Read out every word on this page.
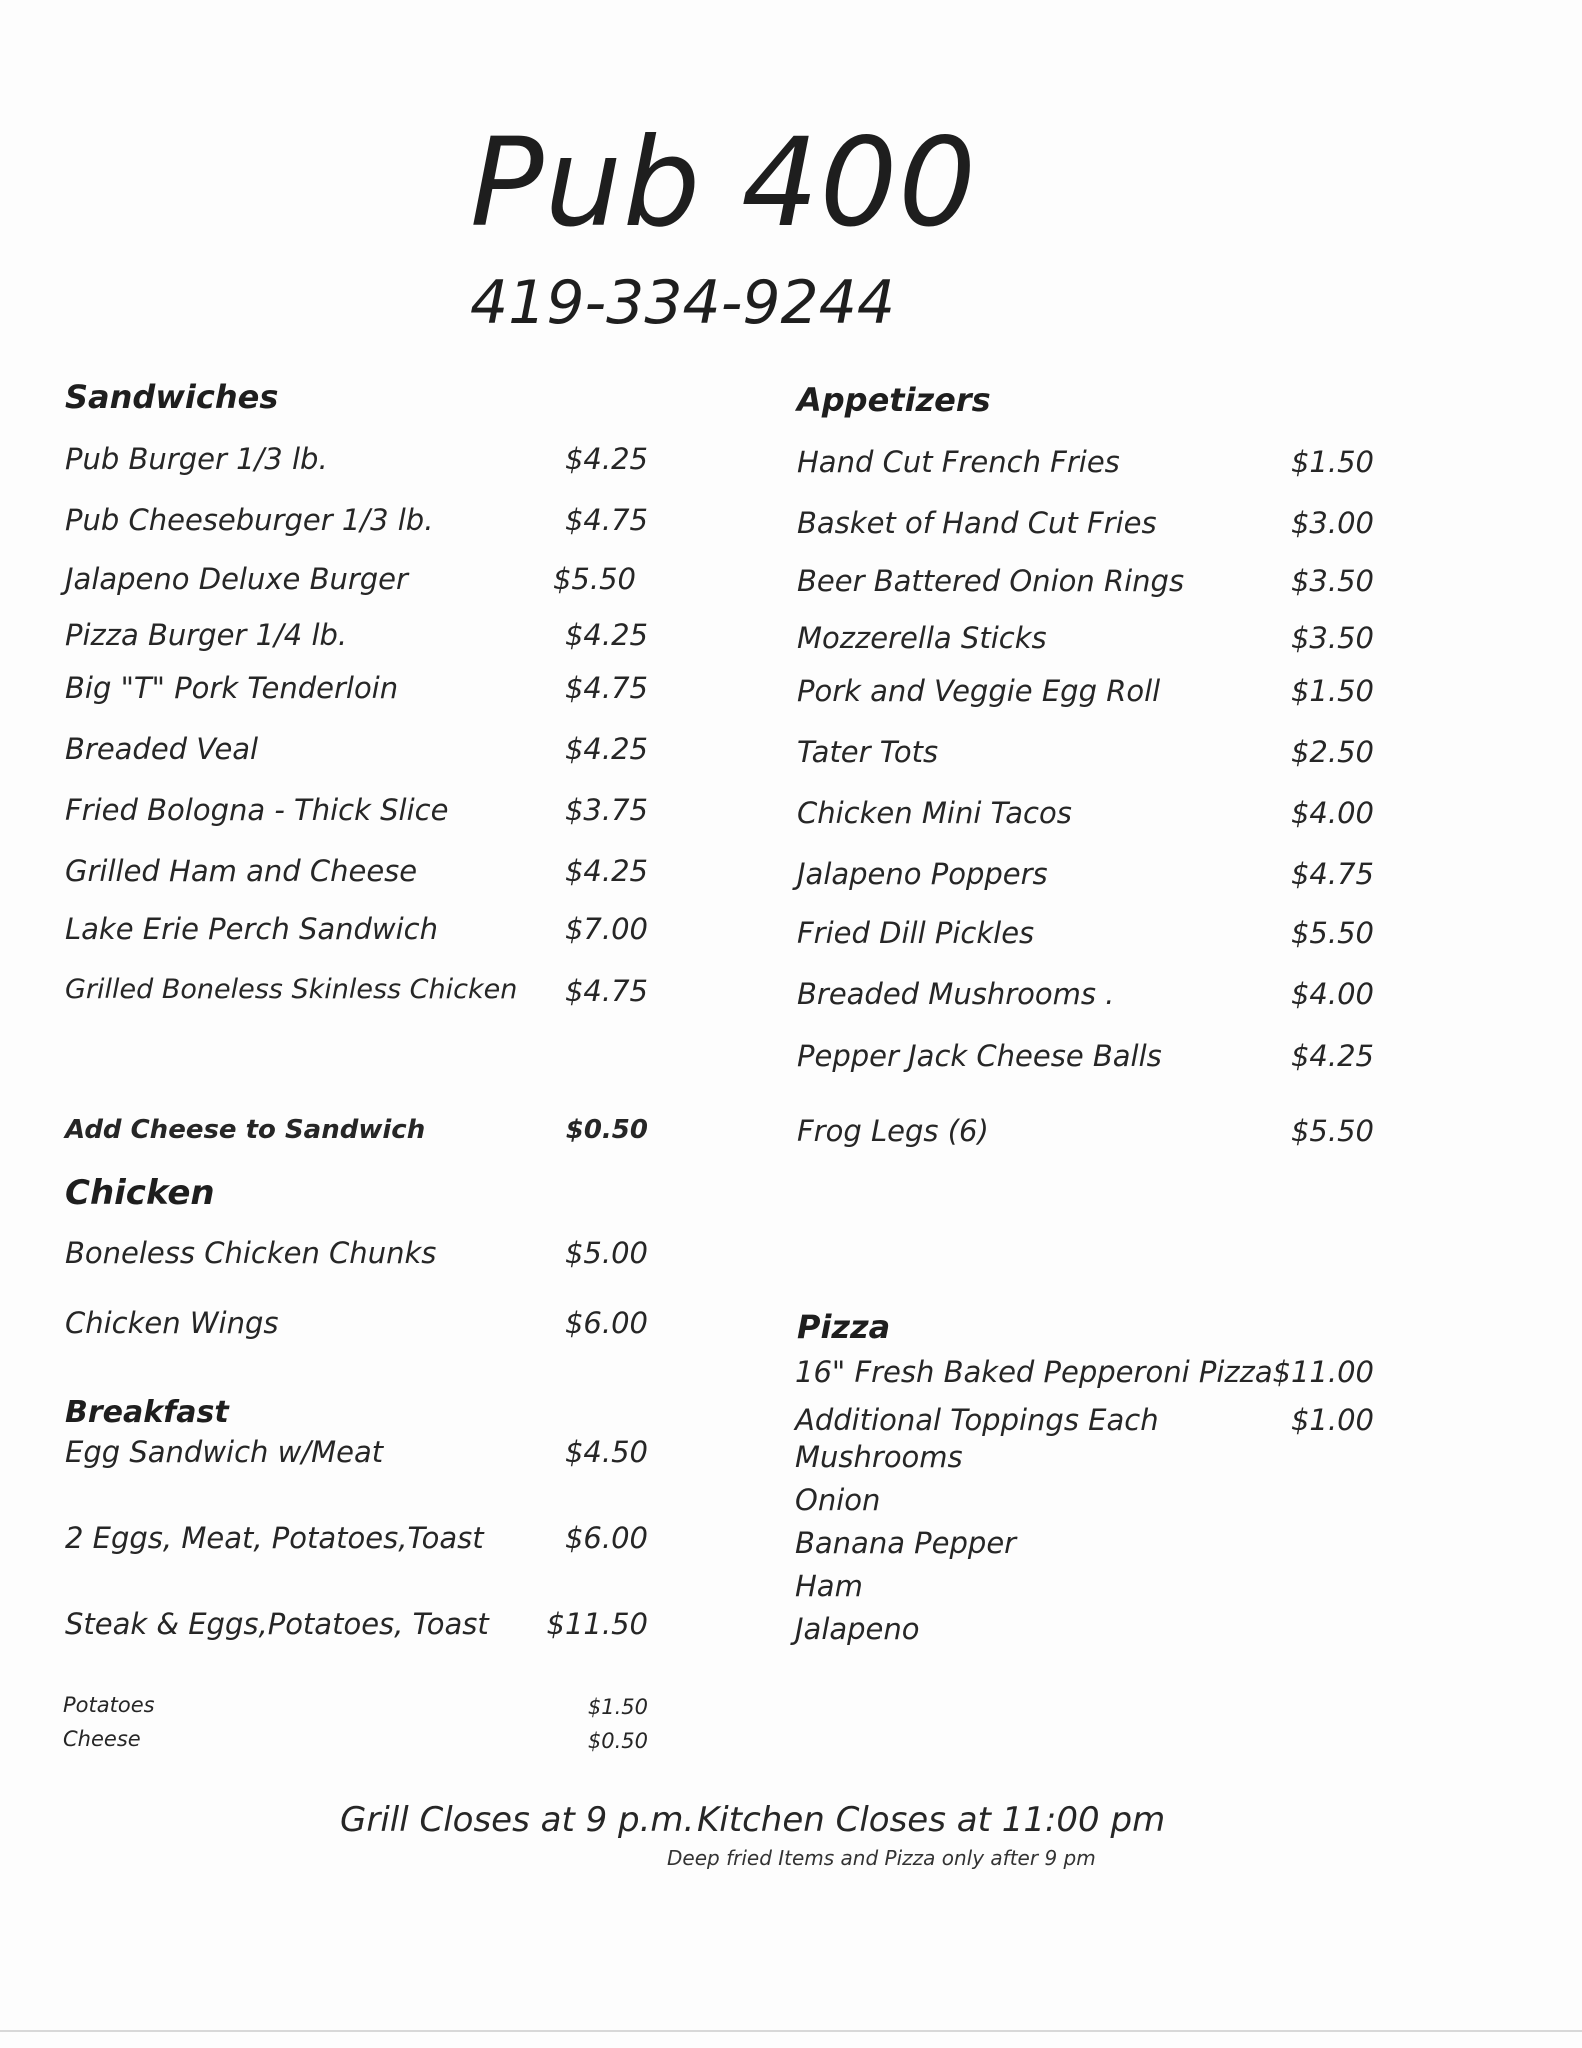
Pub 400
419-334-9244
Sandwiches
Pub Burger 1/3 lb.	$4.25
Pub Cheeseburger 1/3 lb.	$4.75
Jalapeno Deluxe Burger	$5.50
Pizza Burger 1/4 lb.	$4.25
Big "T" Pork Tenderloin	$4.75
Breaded Veal	$4.25
Fried Bologna - Thick Slice	$3.75
Grilled Ham and Cheese	$4.25
Lake Erie Perch Sandwich	$7.00
Grilled Boneless Skinless Chicken	$4.75
Add Cheese to Sandwich	$0.50
Chicken
Boneless Chicken Chunks	$5.00
Chicken Wings	$6.00
Breakfast
Egg Sandwich w/Meat	$4.50
2 Eggs, Meat, Potatoes,Toast	$6.00
Steak & Eggs,Potatoes, Toast	$11.50
Potatoes	$1.50
Cheese	$0.50
Appetizers
Hand Cut French Fries	$1.50
Basket of Hand Cut Fries	$3.00
Beer Battered Onion Rings	$3.50
Mozzerella Sticks	$3.50
Pork and Veggie Egg Roll	$1.50
Tater Tots	$2.50
Chicken Mini Tacos	$4.00
Jalapeno Poppers	$4.75
Fried Dill Pickles	$5.50
Breaded Mushrooms .	$4.00
Pepper Jack Cheese Balls	$4.25
Frog Legs (6)	$5.50
Pizza
16" Fresh Baked Pepperoni Pizza $11.00
Additional Toppings Each	$1.00
Mushrooms
Onion
Banana Pepper
Ham
Jalapeno
Grill Closes at 9 p.m. Kitchen Closes at 11:00 pm
Deep fried Items and Pizza only after 9 pm
